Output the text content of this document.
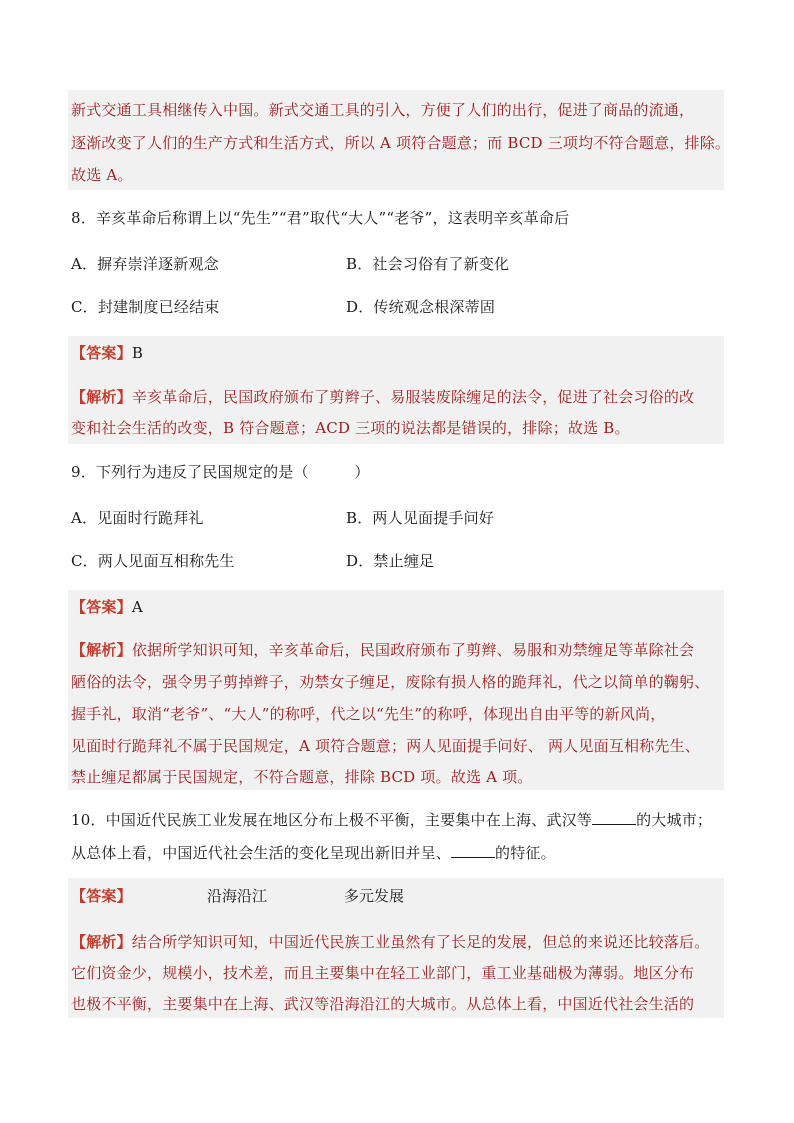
新式交通工具相继传入中国。新式交通工具的引入，方便了人们的出行，促进了商品的流通，
逐渐改变了人们的生产方式和生活方式，所以 A 项符合题意；而 BCD 三项均不符合题意，排除。
故选 A。
8．辛亥革命后称谓上以“先生”“君”取代“大人”“老爷”，这表明辛亥革命后
A．摒弃崇洋逐新观念	B．社会习俗有了新变化
C．封建制度已经结束	D．传统观念根深蒂固
【答案】B
【解析】辛亥革命后，民国政府颁布了剪辫子、易服装废除缠足的法令，促进了社会习俗的改
变和社会生活的改变，B 符合题意；ACD 三项的说法都是错误的，排除；故选 B。
9．下列行为违反了民国规定的是（　　　）
A．见面时行跪拜礼	B．两人见面提手问好
C．两人见面互相称先生	D．禁止缠足
【答案】A
【解析】依据所学知识可知，辛亥革命后，民国政府颁布了剪辫、易服和劝禁缠足等革除社会
陋俗的法令，强令男子剪掉辫子，劝禁女子缠足，废除有损人格的跪拜礼，代之以简单的鞠躬、
握手礼，取消“老爷”、“大人”的称呼，代之以“先生”的称呼，体现出自由平等的新风尚，
见面时行跪拜礼不属于民国规定，A 项符合题意；两人见面提手问好、 两人见面互相称先生、
禁止缠足都属于民国规定，不符合题意，排除 BCD 项。故选 A 项。
10．中国近代民族工业发展在地区分布上极不平衡，主要集中在上海、武汉等	的大城市；
从总体上看，中国近代社会生活的变化呈现出新旧并呈、	的特征。
【答案】	沿海沿江	多元发展
【解析】结合所学知识可知，中国近代民族工业虽然有了长足的发展，但总的来说还比较落后。
它们资金少，规模小，技术差，而且主要集中在轻工业部门，重工业基础极为薄弱。地区分布
也极不平衡，主要集中在上海、武汉等沿海沿江的大城市。从总体上看，中国近代社会生活的
